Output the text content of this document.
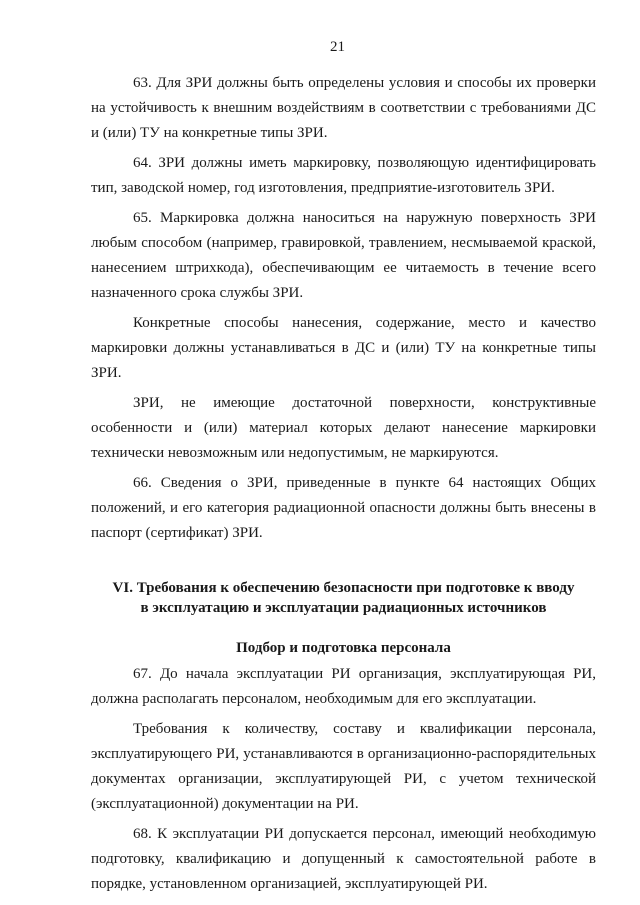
21

63. Для ЗРИ должны быть определены условия и способы их проверки на устойчивость к внешним воздействиям в соответствии с требованиями ДС и (или) ТУ на конкретные типы ЗРИ.

64. ЗРИ должны иметь маркировку, позволяющую идентифицировать тип, заводской номер, год изготовления, предприятие-изготовитель ЗРИ.

65. Маркировка должна наноситься на наружную поверхность ЗРИ любым способом (например, гравировкой, травлением, несмываемой краской, нанесением штрихкода), обеспечивающим ее читаемость в течение всего назначенного срока службы ЗРИ.

Конкретные способы нанесения, содержание, место и качество маркировки должны устанавливаться в ДС и (или) ТУ на конкретные типы ЗРИ.

ЗРИ, не имеющие достаточной поверхности, конструктивные особенности и (или) материал которых делают нанесение маркировки технически невозможным или недопустимым, не маркируются.

66. Сведения о ЗРИ, приведенные в пункте 64 настоящих Общих положений, и его категория радиационной опасности должны быть внесены в паспорт (сертификат) ЗРИ.

VI. Требования к обеспечению безопасности при подготовке к вводу
в эксплуатацию и эксплуатации радиационных источников
Подбор и подготовка персонала

67. До начала эксплуатации РИ организация, эксплуатирующая РИ, должна располагать персоналом, необходимым для его эксплуатации.

Требования к количеству, составу и квалификации персонала, эксплуатирующего РИ, устанавливаются в организационно-распорядительных документах организации, эксплуатирующей РИ, с учетом технической (эксплуатационной) документации на РИ.

68. К эксплуатации РИ допускается персонал, имеющий необходимую подготовку, квалификацию и допущенный к самостоятельной работе в порядке, установленном организацией, эксплуатирующей РИ.
